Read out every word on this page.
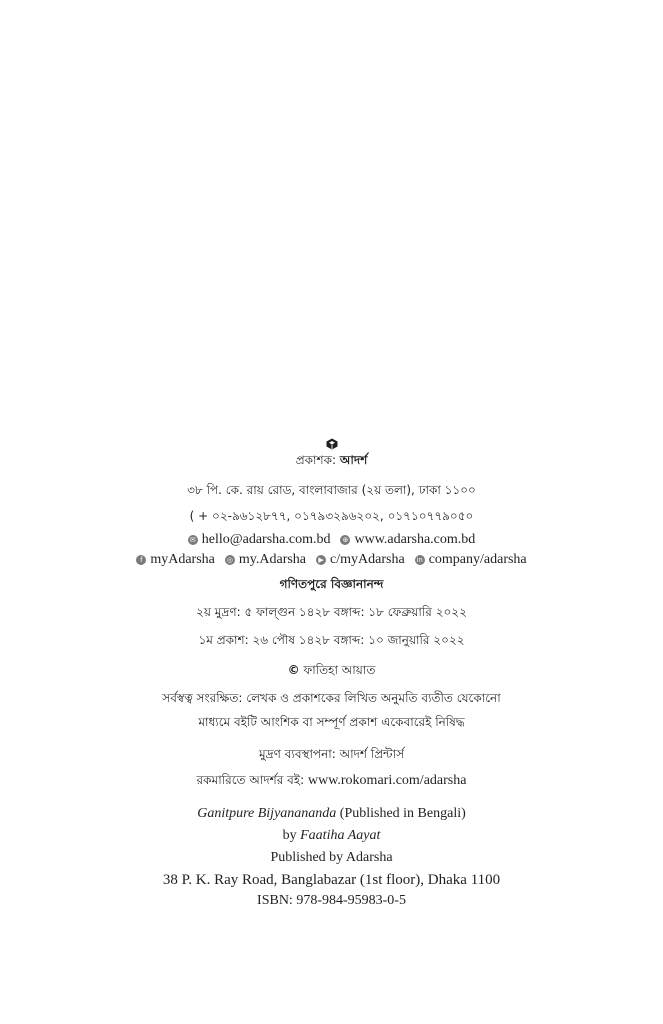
প্রকাশক: আদর্শ
৩৮ পি. কে. রায় রোড, বাংলাবাজার (২য় তলা), ঢাকা ১১০০
( + ০২-৯৬১২৮৭৭, ০১৭৯৩২৯৬২০২, ০১৭১০৭৭৯০৫০
✉ hello@adarsha.com.bd ⊕ www.adarsha.com.bd
f myAdarsha ◎ my.Adarsha	▶ c/myAdarsha in company/adarsha
গণিতপুরে বিজ্ঞানানন্দ
২য় মুদ্রণ: ৫ ফাল্গুন ১৪২৮ বঙ্গাব্দ: ১৮ ফেব্রুয়ারি ২০২২
১ম প্রকাশ: ২৬ পৌষ ১৪২৮ বঙ্গাব্দ: ১০ জানুয়ারি ২০২২
© ফাতিহা আয়াত
সর্বস্বত্ব সংরক্ষিত: লেখক ও প্রকাশকের লিখিত অনুমতি ব্যতীত যেকোনো
মাধ্যমে বইটি আংশিক বা সম্পূর্ণ প্রকাশ একেবারেই নিষিদ্ধ
মুদ্রণ ব্যবস্থাপনা: আদর্শ প্রিন্টার্স
রকমারিতে আদর্শর বই: www.rokomari.com/adarsha
Ganitpure Bijyanananda (Published in Bengali)
by Faatiha Aayat
Published by Adarsha
38 P. K. Ray Road, Banglabazar (1st floor), Dhaka 1100
ISBN: 978-984-95983-0-5
